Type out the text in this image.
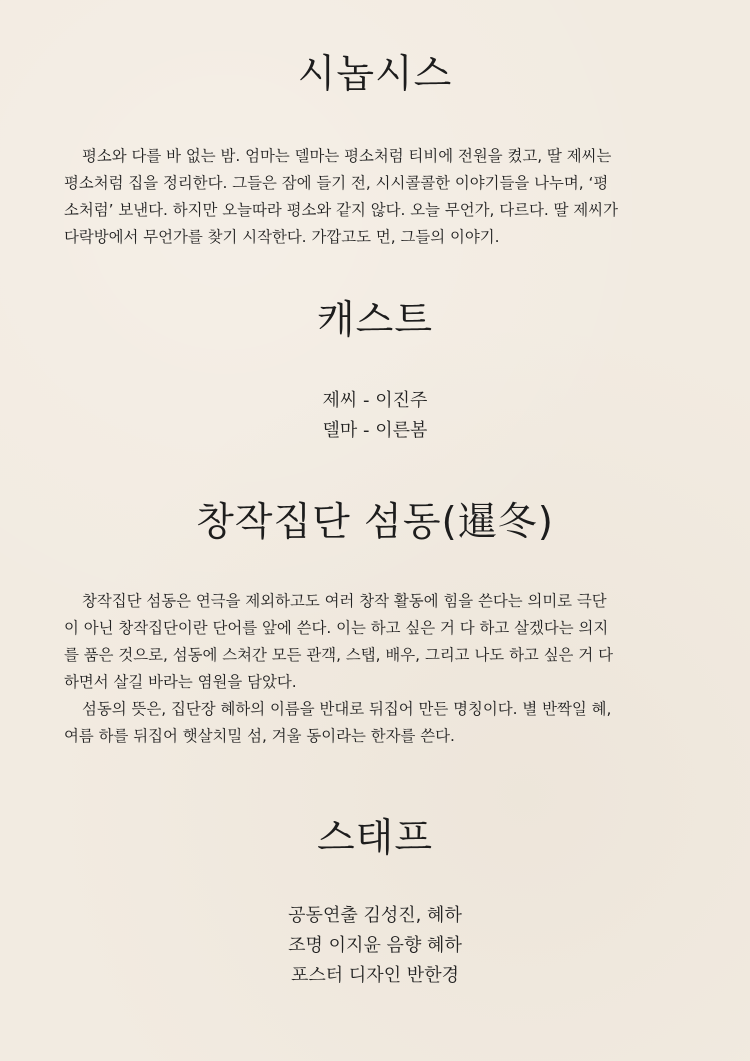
시놉시스
평소와 다를 바 없는 밤. 엄마는 델마는 평소처럼 티비에 전원을 켰고, 딸 제씨는
평소처럼 집을 정리한다. 그들은 잠에 들기 전, 시시콜콜한 이야기들을 나누며, ‘평
소처럼’ 보낸다. 하지만 오늘따라 평소와 같지 않다. 오늘 무언가, 다르다. 딸 제씨가
다락방에서 무언가를 찾기 시작한다. 가깝고도 먼, 그들의 이야기.
캐스트
제씨 - 이진주
델마 - 이른봄
창작집단 섬동(暹冬)
창작집단 섬동은 연극을 제외하고도 여러 창작 활동에 힘을 쓴다는 의미로 극단
이 아닌 창작집단이란 단어를 앞에 쓴다. 이는 하고 싶은 거 다 하고 살겠다는 의지
를 품은 것으로, 섬동에 스쳐간 모든 관객, 스탭, 배우, 그리고 나도 하고 싶은 거 다
하면서 살길 바라는 염원을 담았다.
섬동의 뜻은, 집단장 혜하의 이름을 반대로 뒤집어 만든 명칭이다. 별 반짝일 혜,
여름 하를 뒤집어 햇살치밀 섬, 겨울 동이라는 한자를 쓴다.
스태프
공동연출 김성진, 혜하
조명 이지윤 음향 혜하
포스터 디자인 반한경
